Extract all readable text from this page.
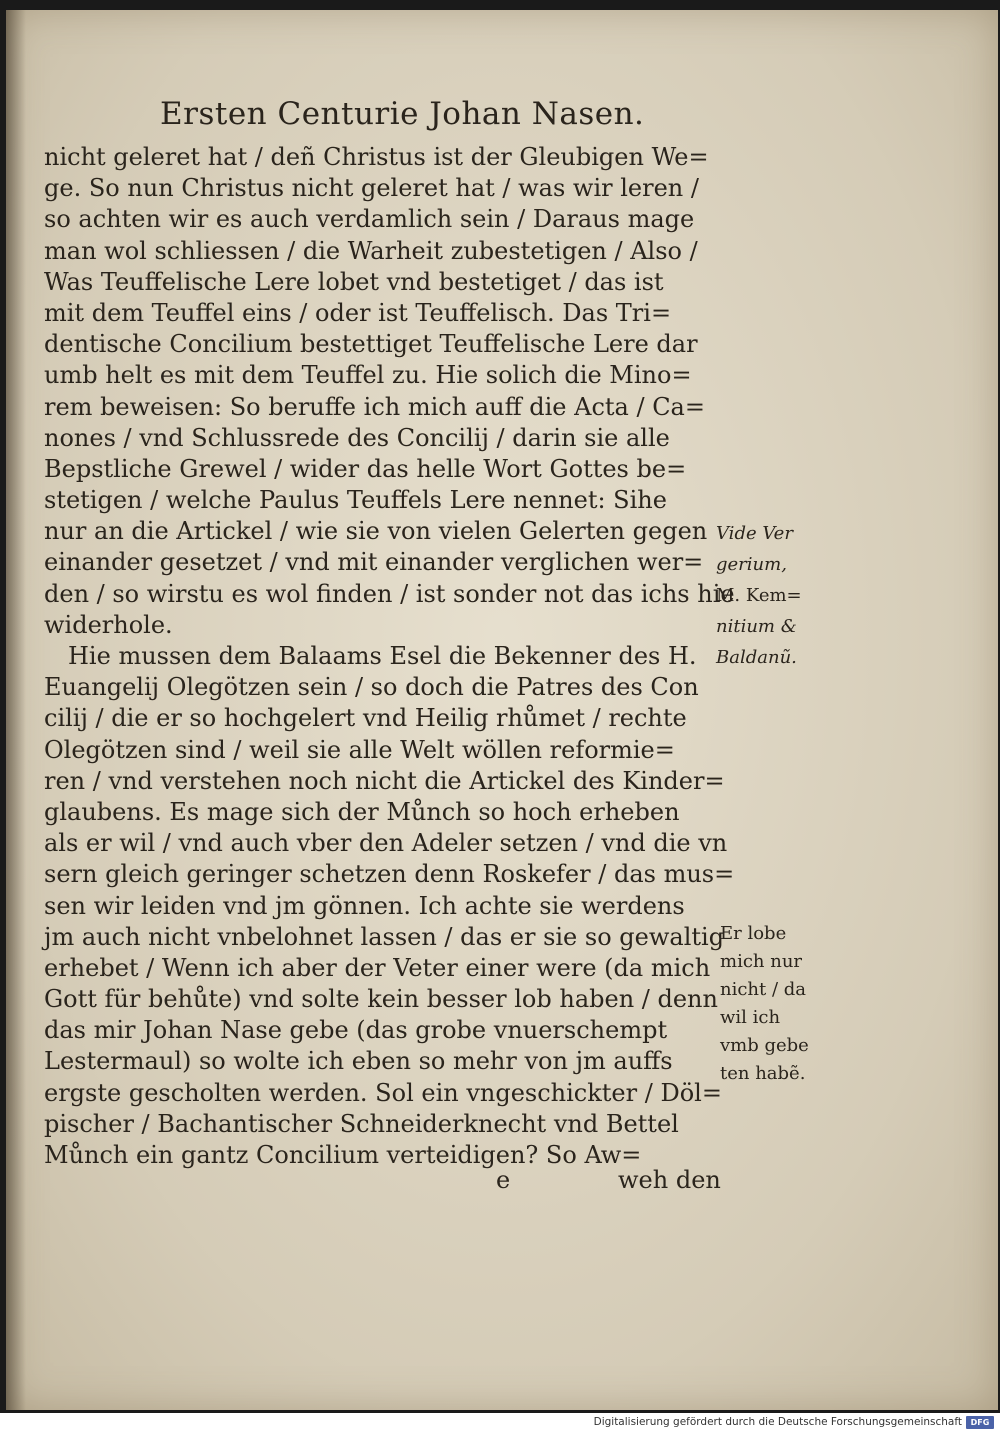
Ersten Centurie Johan Nasen.
nicht geleret hat / deñ Christus ist der Gleubigen We=
ge. So nun Christus nicht geleret hat / was wir leren /
so achten wir es auch verdamlich sein / Daraus mage
man wol schliessen / die Warheit zubestetigen / Also /
Was Teuffelische Lere lobet vnd bestetiget / das ist
mit dem Teuffel eins / oder ist Teuffelisch. Das Tri=
dentische Concilium bestettiget Teuffelische Lere dar
umb helt es mit dem Teuffel zu. Hie solich die Mino=
rem beweisen: So beruffe ich mich auff die Acta / Ca=
nones / vnd Schlussrede des Concilij / darin sie alle
Bepstliche Grewel / wider das helle Wort Gottes be=
stetigen / welche Paulus Teuffels Lere nennet: Sihe
nur an die Artickel / wie sie von vielen Gelerten gegen
einander gesetzet / vnd mit einander verglichen wer=
den / so wirstu es wol finden / ist sonder not das ichs hie
widerhole.
Hie mussen dem Balaams Esel die Bekenner des H.
Euangelij Olegötzen sein / so doch die Patres des Con
cilij / die er so hochgelert vnd Heilig rhůmet / rechte
Olegötzen sind / weil sie alle Welt wöllen reformie=
ren / vnd verstehen noch nicht die Artickel des Kinder=
glaubens. Es mage sich der Můnch so hoch erheben
als er wil / vnd auch vber den Adeler setzen / vnd die vn
sern gleich geringer schetzen denn Roskefer / das mus=
sen wir leiden vnd jm gönnen. Ich achte sie werdens
jm auch nicht vnbelohnet lassen / das er sie so gewaltig
erhebet / Wenn ich aber der Veter einer were (da mich
Gott für behůte) vnd solte kein besser lob haben / denn
das mir Johan Nase gebe (das grobe vnuerschempt
Lestermaul) so wolte ich eben so mehr von jm auffs
ergste gescholten werden. Sol ein vngeschickter / Döl=
pischer / Bachantischer Schneiderknecht vnd Bettel
Můnch ein gantz Concilium verteidigen? So Aw=
Vide Ver
gerium,
M. Kem=
nitium &
Baldanũ.
Er lobe
mich nur
nicht / da
wil ich
vmb gebe
ten habẽ.
e	weh den
Digitalisierung gefördert durch die Deutsche Forschungsgemeinschaft	DFG
